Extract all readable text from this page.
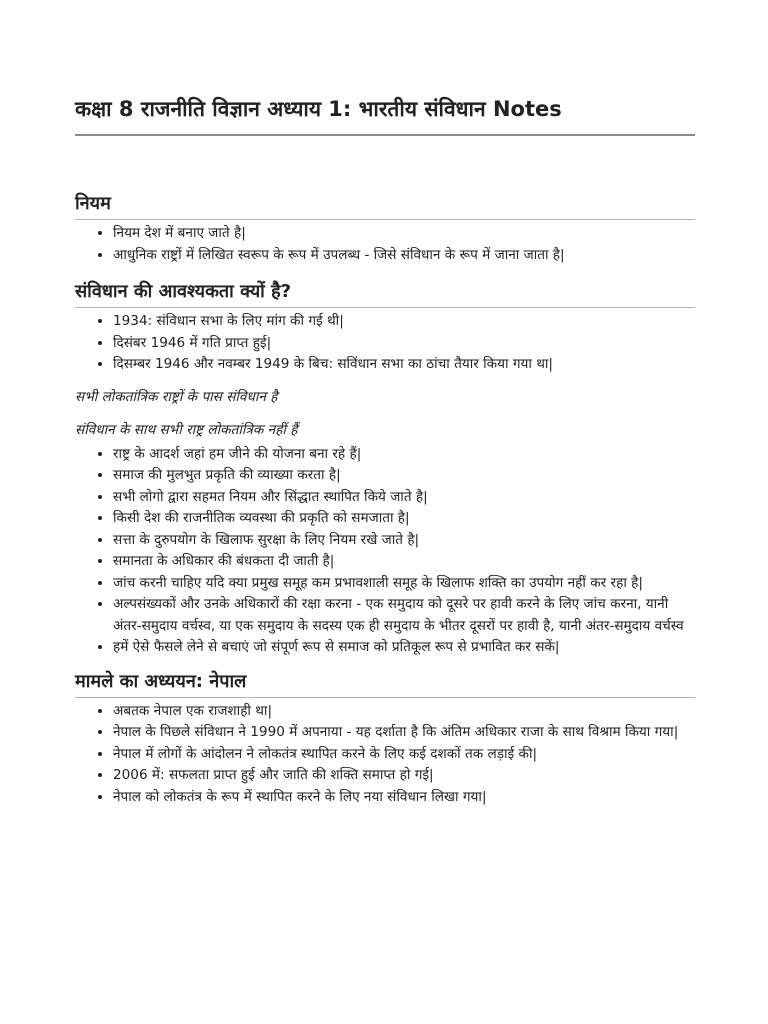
कक्षा 8 राजनीति विज्ञान अध्याय 1: भारतीय संविधान Notes
नियम
• नियम देश में बनाए जाते है|
• आधुनिक राष्ट्रों में लिखित स्वरूप के रूप में उपलब्ध - जिसे संविधान के रूप में जाना जाता है|
संविधान की आवश्यकता क्यों है?
• 1934: संविधान सभा के लिए मांग की गई थी|
• दिसंबर 1946 में गति प्राप्त हुई|
• दिसम्बर 1946 और नवम्बर 1949 के बिच: सविंधान सभा का ठांचा तैयार किया गया था|

सभी लोकतांत्रिक राष्ट्रों के पास संविधान है

संविधान के साथ सभी राष्ट्र लोकतांत्रिक नहीं हैं

• राष्ट्र के आदर्श जहां हम जीने की योजना बना रहे हैं|
• समाज की मुलभुत प्रकृति की व्याख्या करता है|
• सभी लोगो द्वारा सहमत नियम और सिंद्धात स्थापित किये जाते है|
• किसी देश की राजनीतिक व्यवस्था की प्रकृति को समजाता है|
• सत्ता के दुरुपयोग के खिलाफ सुरक्षा के लिए नियम रखे जाते है|
• समानता के अधिकार की बंधकता दी जाती है|
• जांच करनी चाहिए यदि क्या प्रमुख समूह कम प्रभावशाली समूह के खिलाफ शक्ति का उपयोग नहीं कर रहा है|
• अल्पसंख्यकों और उनके अधिकारों की रक्षा करना - एक समुदाय को दूसरे पर हावी करने के लिए जांच करना, यानी अंतर-समुदाय वर्चस्व, या एक समुदाय के सदस्य एक ही समुदाय के भीतर दूसरों पर हावी है, यानी अंतर-समुदाय वर्चस्व
• हमें ऐसे फैसले लेने से बचाएं जो संपूर्ण रूप से समाज को प्रतिकूल रूप से प्रभावित कर सकें|
मामले का अध्ययन: नेपाल
• अबतक नेपाल एक राजशाही था|
• नेपाल के पिछले संविधान ने 1990 में अपनाया - यह दर्शाता है कि अंतिम अधिकार राजा के साथ विश्राम किया गया|
• नेपाल में लोगों के आंदोलन ने लोकतंत्र स्थापित करने के लिए कई दशकों तक लड़ाई की|
• 2006 में: सफलता प्राप्त हुई और जाति की शक्ति समाप्त हो गई|
• नेपाल को लोकतंत्र के रूप में स्थापित करने के लिए नया संविधान लिखा गया|
